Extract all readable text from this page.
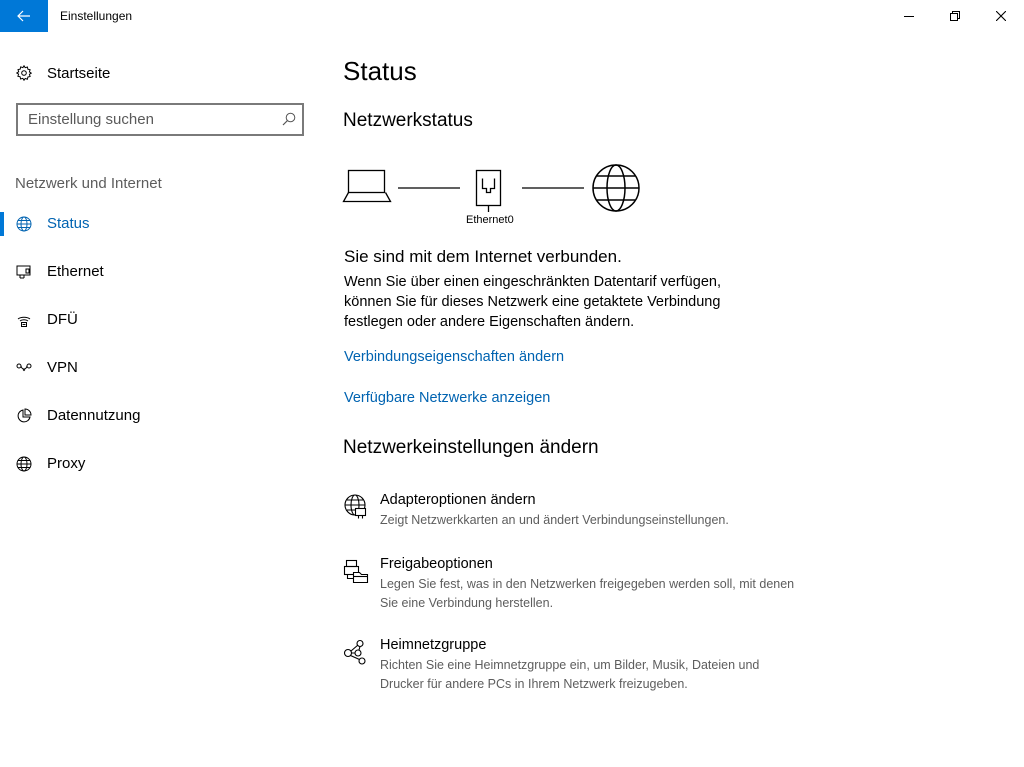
Einstellungen
Startseite
Einstellung suchen
Netzwerk und Internet
Status
Ethernet
DFÜ
VPN
Datennutzung
Proxy
Status
Netzwerkstatus
Ethernet0
Sie sind mit dem Internet verbunden.
Wenn Sie über einen eingeschränkten Datentarif verfügen, können Sie für dieses Netzwerk eine getaktete Verbindung festlegen oder andere Eigenschaften ändern.
Verbindungseigenschaften ändern
Verfügbare Netzwerke anzeigen
Netzwerkeinstellungen ändern
Adapteroptionen ändern
Zeigt Netzwerkkarten an und ändert Verbindungseinstellungen.
Freigabeoptionen
Legen Sie fest, was in den Netzwerken freigegeben werden soll, mit denen Sie eine Verbindung herstellen.
Heimnetzgruppe
Richten Sie eine Heimnetzgruppe ein, um Bilder, Musik, Dateien und Drucker für andere PCs in Ihrem Netzwerk freizugeben.
